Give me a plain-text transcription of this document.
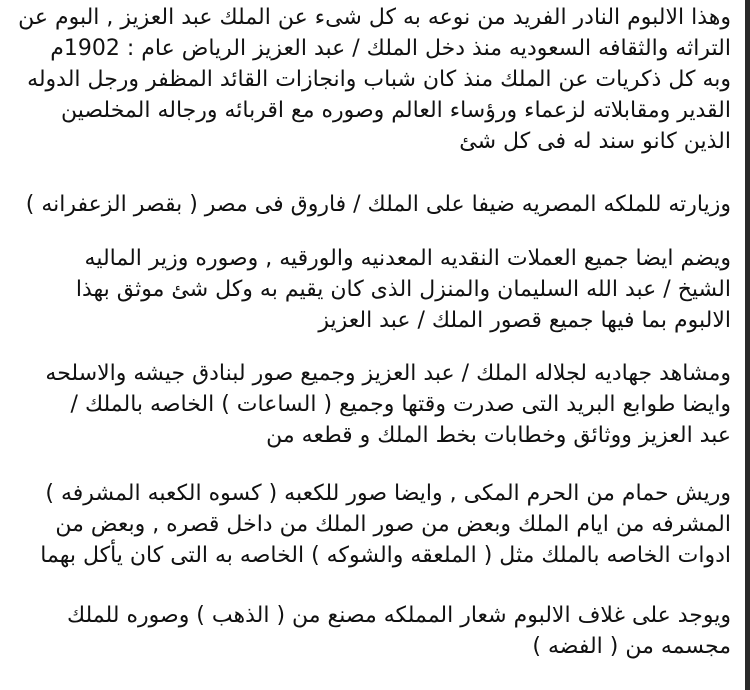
وهذا الالبوم النادر الفريد من نوعه به كل شىء عن الملك عبد العزيز , البوم عن
التراثه والثقافه السعوديه منذ دخل الملك / عبد العزيز الرياض عام : 1902م
وبه كل ذكريات عن الملك منذ كان شباب وانجازات القائد المظفر ورجل الدوله
القدير ومقابلاته لزعماء ورؤساء العالم وصوره مع اقربائه ورجاله المخلصين
الذين كانو سند له فى كل شئ
وزيارته للملكه المصريه ضيفا على الملك / فاروق فى مصر ( بقصر الزعفرانه )
ويضم ايضا جميع العملات النقديه المعدنيه والورقيه , وصوره وزير الماليه
الشيخ / عبد الله السليمان والمنزل الذى كان يقيم به وكل شئ موثق بهذا
الالبوم بما فيها جميع قصور الملك / عبد العزيز
ومشاهد جهاديه لجلاله الملك / عبد العزيز وجميع صور لبنادق جيشه والاسلحه
وايضا طوابع البريد التى صدرت وقتها وجميع ( الساعات ) الخاصه بالملك /
عبد العزيز ووثائق وخطابات بخط الملك و قطعه من
وريش حمام من الحرم المكى , وايضا صور للكعبه ( كسوه الكعبه المشرفه )
المشرفه من ايام الملك وبعض من صور الملك من داخل قصره , وبعض من
ادوات الخاصه بالملك مثل ( الملعقه والشوكه ) الخاصه به التى كان يأكل بهما
ويوجد على غلاف الالبوم شعار المملكه مصنع من ( الذهب ) وصوره للملك
مجسمه من ( الفضه )
